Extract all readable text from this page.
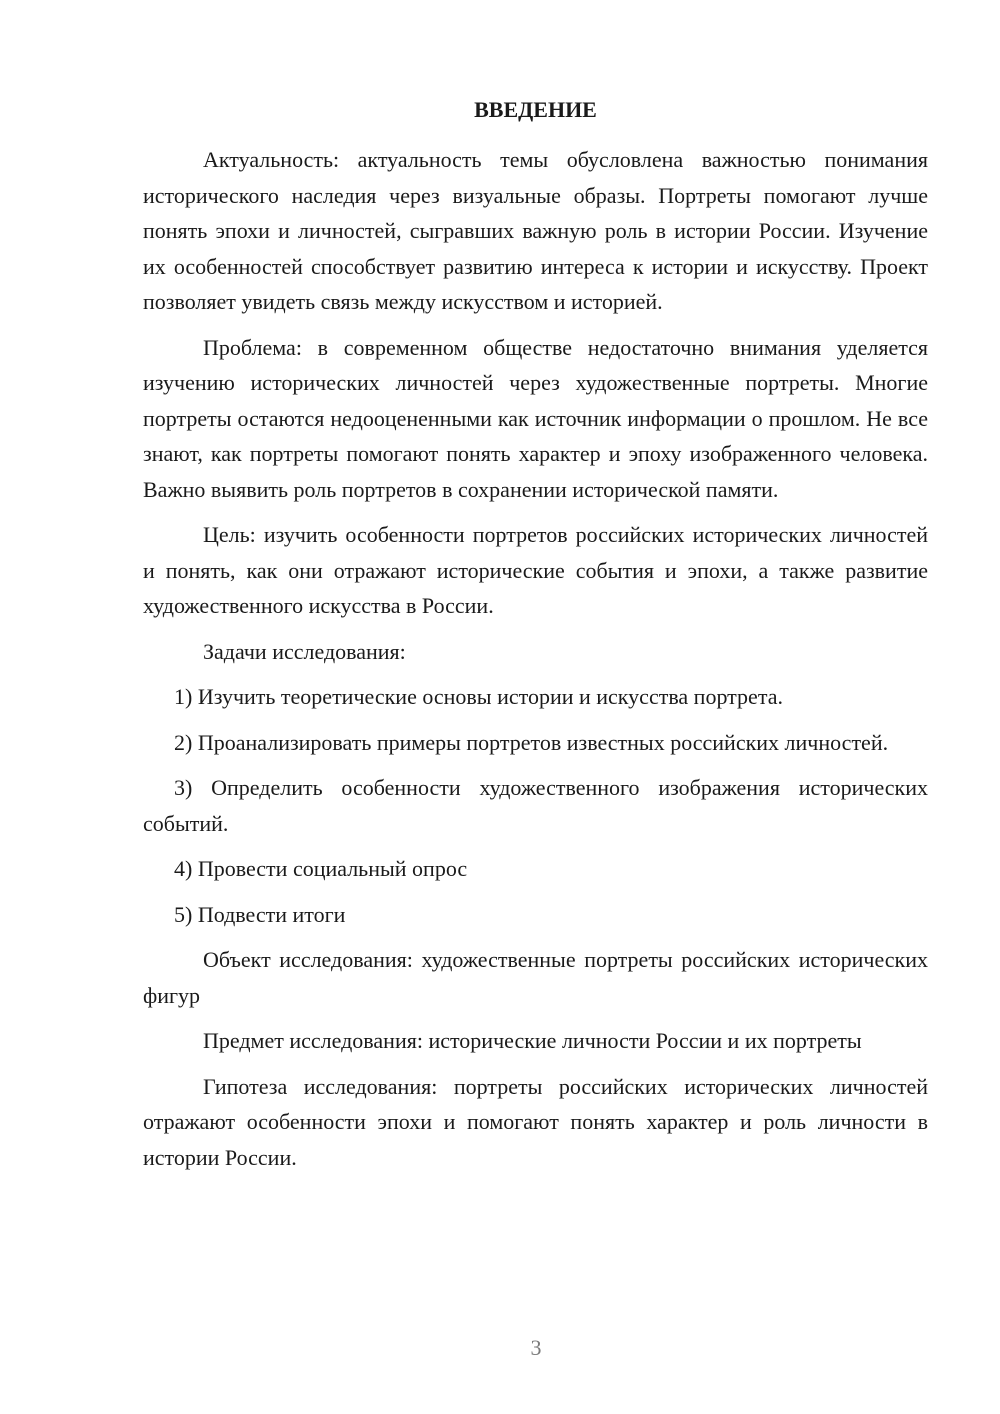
ВВЕДЕНИЕ

Актуальность: актуальность темы обусловлена важностью понимания исторического наследия через визуальные образы. Портреты помогают лучше понять эпохи и личностей, сыгравших важную роль в истории России. Изучение их особенностей способствует развитию интереса к истории и искусству. Проект позволяет увидеть связь между искусством и историей.

Проблема: в современном обществе недостаточно внимания уделяется изучению исторических личностей через художественные портреты. Многие портреты остаются недооцененными как источник информации о прошлом. Не все знают, как портреты помогают понять характер и эпоху изображенного человека. Важно выявить роль портретов в сохранении исторической памяти.

Цель: изучить особенности портретов российских исторических личностей и понять, как они отражают исторические события и эпохи, а также развитие художественного искусства в России.

Задачи исследования:

1) Изучить теоретические основы истории и искусства портрета.

2) Проанализировать примеры портретов известных российских личностей.

3) Определить особенности художественного изображения исторических событий.

4) Провести социальный опрос

5) Подвести итоги

Объект исследования: художественные портреты российских исторических фигур

Предмет исследования: исторические личности России и их портреты

Гипотеза исследования: портреты российских исторических личностей отражают особенности эпохи и помогают понять характер и роль личности в истории России.

3
